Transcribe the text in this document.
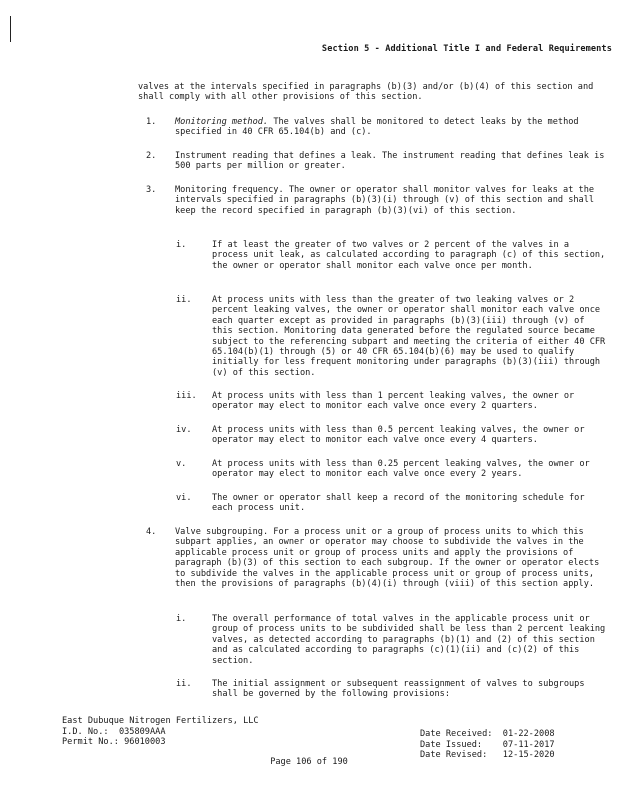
Section 5 - Additional Title I and Federal Requirements
valves at the intervals specified in paragraphs (b)(3) and/or (b)(4) of this section and shall comply with all other provisions of this section.
1. Monitoring method. The valves shall be monitored to detect leaks by the method specified in 40 CFR 65.104(b) and (c).
2. Instrument reading that defines a leak. The instrument reading that defines leak is 500 parts per million or greater.
3. Monitoring frequency. The owner or operator shall monitor valves for leaks at the intervals specified in paragraphs (b)(3)(i) through (v) of this section and shall keep the record specified in paragraph (b)(3)(vi) of this section.
i.	If at least the greater of two valves or 2 percent of the valves in a process unit leak, as calculated according to paragraph (c) of this section, the owner or operator shall monitor each valve once per month.
ii. At process units with less than the greater of two leaking valves or 2 percent leaking valves, the owner or operator shall monitor each valve once each quarter except as provided in paragraphs (b)(3)(iii) through (v) of this section. Monitoring data generated before the regulated source became subject to the referencing subpart and meeting the criteria of either 40 CFR 65.104(b)(1) through (5) or 40 CFR 65.104(b)(6) may be used to qualify initially for less frequent monitoring under paragraphs (b)(3)(iii) through (v) of this section.
iii. At process units with less than 1 percent leaking valves, the owner or operator may elect to monitor each valve once every 2 quarters.
iv. At process units with less than 0.5 percent leaking valves, the owner or operator may elect to monitor each valve once every 4 quarters.
v.	At process units with less than 0.25 percent leaking valves, the owner or operator may elect to monitor each valve once every 2 years.
vi. The owner or operator shall keep a record of the monitoring schedule for each process unit.
4. Valve subgrouping. For a process unit or a group of process units to which this subpart applies, an owner or operator may choose to subdivide the valves in the applicable process unit or group of process units and apply the provisions of paragraph (b)(3) of this section to each subgroup. If the owner or operator elects to subdivide the valves in the applicable process unit or group of process units, then the provisions of paragraphs (b)(4)(i) through (viii) of this section apply.
i.	The overall performance of total valves in the applicable process unit or group of process units to be subdivided shall be less than 2 percent leaking valves, as detected according to paragraphs (b)(1) and (2) of this section and as calculated according to paragraphs (c)(1)(ii) and (c)(2) of this section.
ii. The initial assignment or subsequent reassignment of valves to subgroups shall be governed by the following provisions:
East Dubuque Nitrogen Fertilizers, LLC
I.D. No.: 035809AAA
Permit No.: 96010003
Date Received: 01-22-2008
Date Issued: 07-11-2017
Date Revised: 12-15-2020
Page 106 of 190
